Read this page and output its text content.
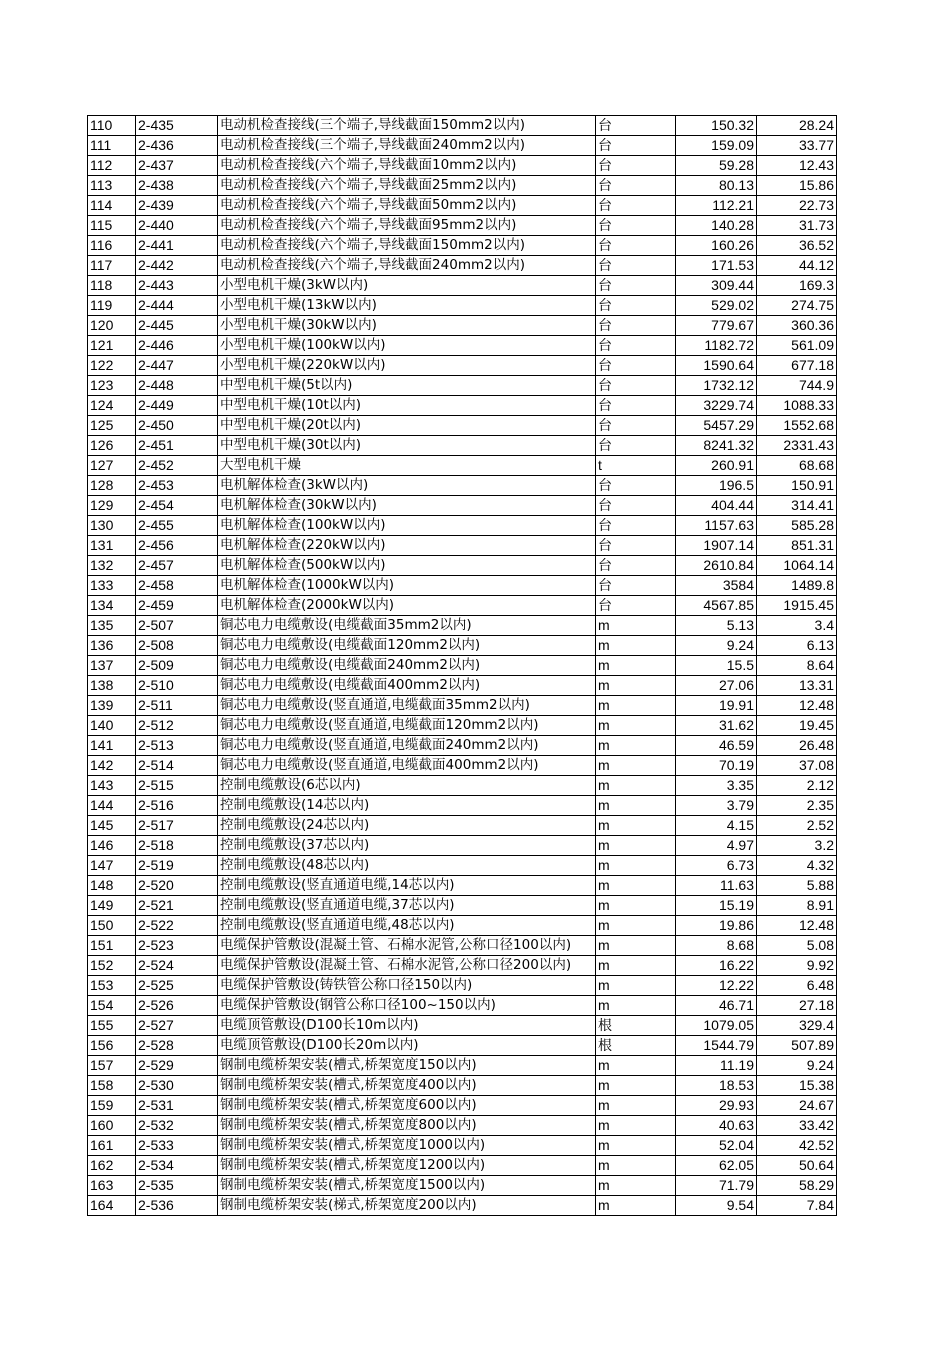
110	2-435	电动机检查接线(三个端子,导线截面150mm2以内)	台	150.32	28.24
111	2-436	电动机检查接线(三个端子,导线截面240mm2以内)	台	159.09	33.77
112	2-437	电动机检查接线(六个端子,导线截面10mm2以内)	台	59.28	12.43
113	2-438	电动机检查接线(六个端子,导线截面25mm2以内)	台	80.13	15.86
114	2-439	电动机检查接线(六个端子,导线截面50mm2以内)	台	112.21	22.73
115	2-440	电动机检查接线(六个端子,导线截面95mm2以内)	台	140.28	31.73
116	2-441	电动机检查接线(六个端子,导线截面150mm2以内)	台	160.26	36.52
117	2-442	电动机检查接线(六个端子,导线截面240mm2以内)	台	171.53	44.12
118	2-443	小型电机干燥(3kW以内)	台	309.44	169.3
119	2-444	小型电机干燥(13kW以内)	台	529.02	274.75
120	2-445	小型电机干燥(30kW以内)	台	779.67	360.36
121	2-446	小型电机干燥(100kW以内)	台	1182.72	561.09
122	2-447	小型电机干燥(220kW以内)	台	1590.64	677.18
123	2-448	中型电机干燥(5t以内)	台	1732.12	744.9
124	2-449	中型电机干燥(10t以内)	台	3229.74	1088.33
125	2-450	中型电机干燥(20t以内)	台	5457.29	1552.68
126	2-451	中型电机干燥(30t以内)	台	8241.32	2331.43
127	2-452	大型电机干燥	t	260.91	68.68
128	2-453	电机解体检查(3kW以内)	台	196.5	150.91
129	2-454	电机解体检查(30kW以内)	台	404.44	314.41
130	2-455	电机解体检查(100kW以内)	台	1157.63	585.28
131	2-456	电机解体检查(220kW以内)	台	1907.14	851.31
132	2-457	电机解体检查(500kW以内)	台	2610.84	1064.14
133	2-458	电机解体检查(1000kW以内)	台	3584	1489.8
134	2-459	电机解体检查(2000kW以内)	台	4567.85	1915.45
135	2-507	铜芯电力电缆敷设(电缆截面35mm2以内)	m	5.13	3.4
136	2-508	铜芯电力电缆敷设(电缆截面120mm2以内)	m	9.24	6.13
137	2-509	铜芯电力电缆敷设(电缆截面240mm2以内)	m	15.5	8.64
138	2-510	铜芯电力电缆敷设(电缆截面400mm2以内)	m	27.06	13.31
139	2-511	铜芯电力电缆敷设(竖直通道,电缆截面35mm2以内)	m	19.91	12.48
140	2-512	铜芯电力电缆敷设(竖直通道,电缆截面120mm2以内)	m	31.62	19.45
141	2-513	铜芯电力电缆敷设(竖直通道,电缆截面240mm2以内)	m	46.59	26.48
142	2-514	铜芯电力电缆敷设(竖直通道,电缆截面400mm2以内)	m	70.19	37.08
143	2-515	控制电缆敷设(6芯以内)	m	3.35	2.12
144	2-516	控制电缆敷设(14芯以内)	m	3.79	2.35
145	2-517	控制电缆敷设(24芯以内)	m	4.15	2.52
146	2-518	控制电缆敷设(37芯以内)	m	4.97	3.2
147	2-519	控制电缆敷设(48芯以内)	m	6.73	4.32
148	2-520	控制电缆敷设(竖直通道电缆,14芯以内)	m	11.63	5.88
149	2-521	控制电缆敷设(竖直通道电缆,37芯以内)	m	15.19	8.91
150	2-522	控制电缆敷设(竖直通道电缆,48芯以内)	m	19.86	12.48
151	2-523	电缆保护管敷设(混凝土管、石棉水泥管,公称口径100以内)	m	8.68	5.08
152	2-524	电缆保护管敷设(混凝土管、石棉水泥管,公称口径200以内)	m	16.22	9.92
153	2-525	电缆保护管敷设(铸铁管公称口径150以内)	m	12.22	6.48
154	2-526	电缆保护管敷设(钢管公称口径100~150以内)	m	46.71	27.18
155	2-527	电缆顶管敷设(D100长10m以内)	根	1079.05	329.4
156	2-528	电缆顶管敷设(D100长20m以内)	根	1544.79	507.89
157	2-529	钢制电缆桥架安装(槽式,桥架宽度150以内)	m	11.19	9.24
158	2-530	钢制电缆桥架安装(槽式,桥架宽度400以内)	m	18.53	15.38
159	2-531	钢制电缆桥架安装(槽式,桥架宽度600以内)	m	29.93	24.67
160	2-532	钢制电缆桥架安装(槽式,桥架宽度800以内)	m	40.63	33.42
161	2-533	钢制电缆桥架安装(槽式,桥架宽度1000以内)	m	52.04	42.52
162	2-534	钢制电缆桥架安装(槽式,桥架宽度1200以内)	m	62.05	50.64
163	2-535	钢制电缆桥架安装(槽式,桥架宽度1500以内)	m	71.79	58.29
164	2-536	钢制电缆桥架安装(梯式,桥架宽度200以内)	m	9.54	7.84
